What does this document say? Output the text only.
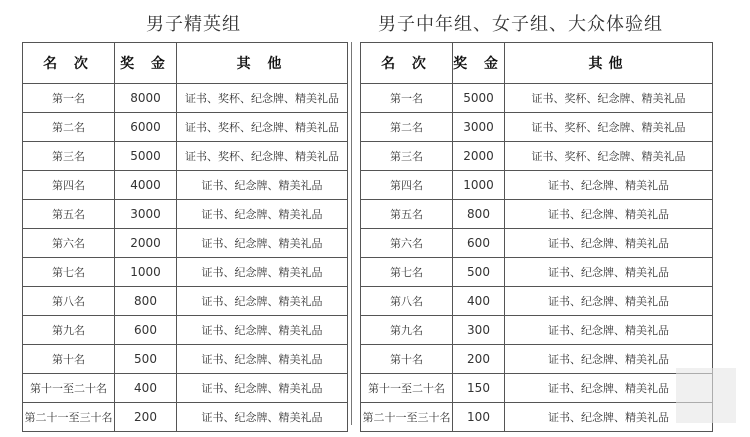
男子精英组	男子中年组、女子组、大众体验组
名 次	奖 金	其 他
第一名	8000	证书、奖杯、纪念牌、精美礼品
第二名	6000	证书、奖杯、纪念牌、精美礼品
第三名	5000	证书、奖杯、纪念牌、精美礼品
第四名	4000	证书、纪念牌、精美礼品
第五名	3000	证书、纪念牌、精美礼品
第六名	2000	证书、纪念牌、精美礼品
第七名	1000	证书、纪念牌、精美礼品
第八名	800	证书、纪念牌、精美礼品
第九名	600	证书、纪念牌、精美礼品
第十名	500	证书、纪念牌、精美礼品
第十一至二十名	400	证书、纪念牌、精美礼品
第二十一至三十名	200	证书、纪念牌、精美礼品
名 次	奖 金	其他
第一名	5000	证书、奖杯、纪念牌、精美礼品
第二名	3000	证书、奖杯、纪念牌、精美礼品
第三名	2000	证书、奖杯、纪念牌、精美礼品
第四名	1000	证书、纪念牌、精美礼品
第五名	800	证书、纪念牌、精美礼品
第六名	600	证书、纪念牌、精美礼品
第七名	500	证书、纪念牌、精美礼品
第八名	400	证书、纪念牌、精美礼品
第九名	300	证书、纪念牌、精美礼品
第十名	200	证书、纪念牌、精美礼品
第十一至二十名	150	证书、纪念牌、精美礼品
第二十一至三十名	100	证书、纪念牌、精美礼品
